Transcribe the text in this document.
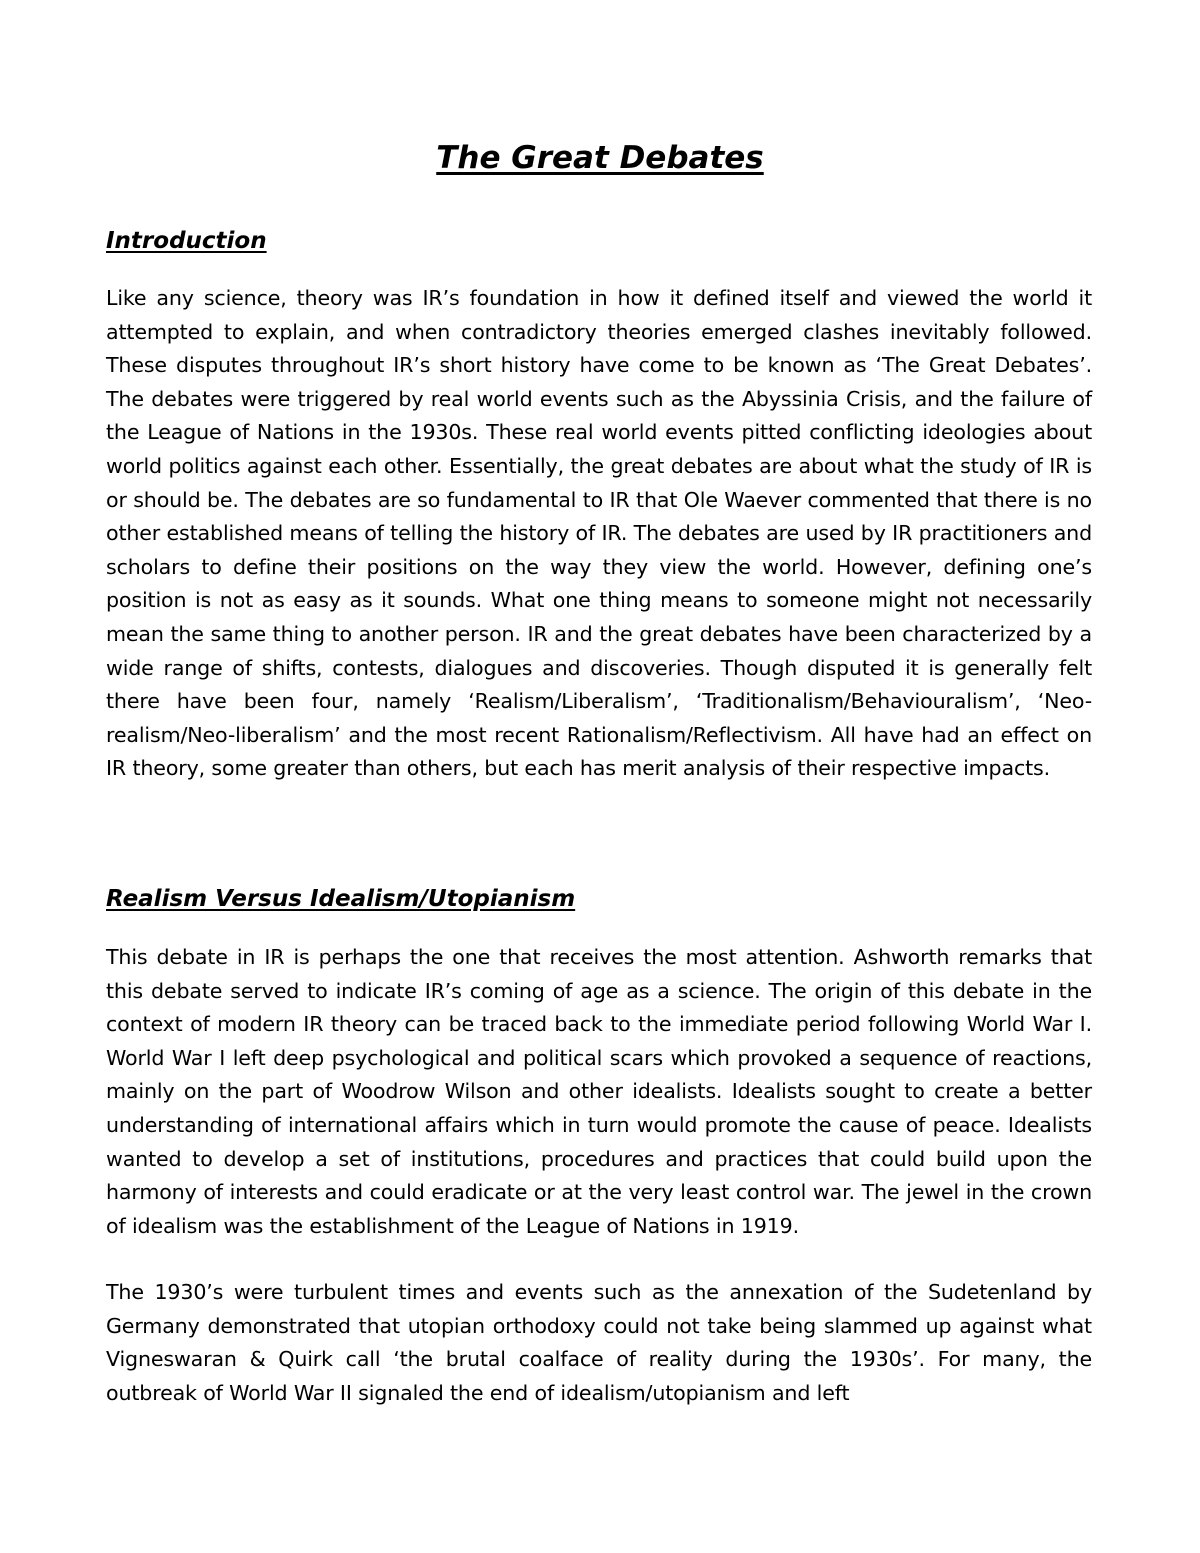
The Great Debates
Introduction

Like any science, theory was IR’s foundation in how it defined itself and viewed the world it attempted to explain, and when contradictory theories emerged clashes inevitably followed. These disputes throughout IR’s short history have come to be known as ‘The Great Debates’. The debates were triggered by real world events such as the Abyssinia Crisis, and the failure of the League of Nations in the 1930s. These real world events pitted conflicting ideologies about world politics against each other. Essentially, the great debates are about what the study of IR is or should be. The debates are so fundamental to IR that Ole Waever commented that there is no other established means of telling the history of IR. The debates are used by IR practitioners and scholars to define their positions on the way they view the world. However, defining one’s position is not as easy as it sounds. What one thing means to someone might not necessarily mean the same thing to another person. IR and the great debates have been characterized by a wide range of shifts, contests, dialogues and discoveries. Though disputed it is generally felt there have been four, namely ‘Realism/Liberalism’, ‘Traditionalism/Behaviouralism’, ‘Neo-realism/Neo-liberalism’ and the most recent Rationalism/Reflectivism. All have had an effect on IR theory, some greater than others, but each has merit analysis of their respective impacts.

Realism Versus Idealism/Utopianism

This debate in IR is perhaps the one that receives the most attention. Ashworth remarks that this debate served to indicate IR’s coming of age as a science. The origin of this debate in the context of modern IR theory can be traced back to the immediate period following World War I. World War I left deep psychological and political scars which provoked a sequence of reactions, mainly on the part of Woodrow Wilson and other idealists. Idealists sought to create a better understanding of international affairs which in turn would promote the cause of peace. Idealists wanted to develop a set of institutions, procedures and practices that could build upon the harmony of interests and could eradicate or at the very least control war. The jewel in the crown of idealism was the establishment of the League of Nations in 1919.

The 1930’s were turbulent times and events such as the annexation of the Sudetenland by Germany demonstrated that utopian orthodoxy could not take being slammed up against what Vigneswaran & Quirk call ‘the brutal coalface of reality during the 1930s’. For many, the outbreak of World War II signaled the end of idealism/utopianism and left
